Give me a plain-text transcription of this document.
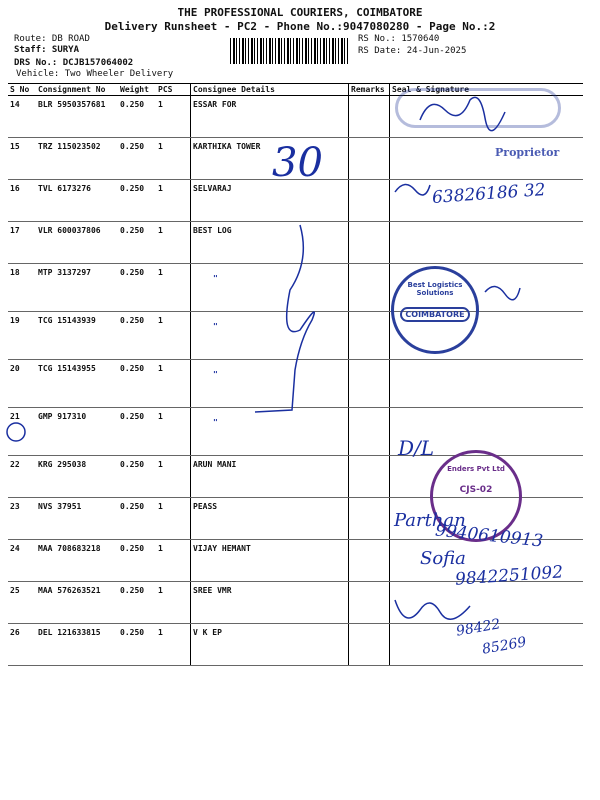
THE PROFESSIONAL COURIERS, COIMBATORE
Delivery Runsheet - PC2 - Phone No.:9047080280 - Page No.:2
Route: DB ROAD
Staff: SURYA
DRS No.: DCJB157064002
Vehicle: Two Wheeler Delivery
RS No.: 1570640
RS Date: 24-Jun-2025
S No	Consignment No	Weight	PCS	Consignee Details	Remarks	Seal & Signature
14	BLR 5950357681	0.250	1	ESSAR FOR		
15	TRZ 115023502	0.250	1	KARTHIKA TOWER		
16	TVL 6173276	0.250	1	SELVARAJ		
17	VLR 600037806	0.250	1	BEST LOG		
18	MTP 3137297	0.250	1	"		
19	TCG 15143939	0.250	1	"		
20	TCG 15143955	0.250	1	"		
21	GMP 917310	0.250	1	"		
22	KRG 295038	0.250	1	ARUN MANI		
23	NVS 37951	0.250	1	PEASS		
24	MAA 708683218	0.250	1	VIJAY HEMANT		
25	MAA 576263521	0.250	1	SREE VMR		
26	DEL 121633815	0.250	1	V K EP		
Proprietor
30
63826186 32
Best Logistics Solutions
COIMBATORE
D/L
Enders Pvt Ltd
CJS-02
Parthan
9940610913
Sofia
9842251092
98422
85269
